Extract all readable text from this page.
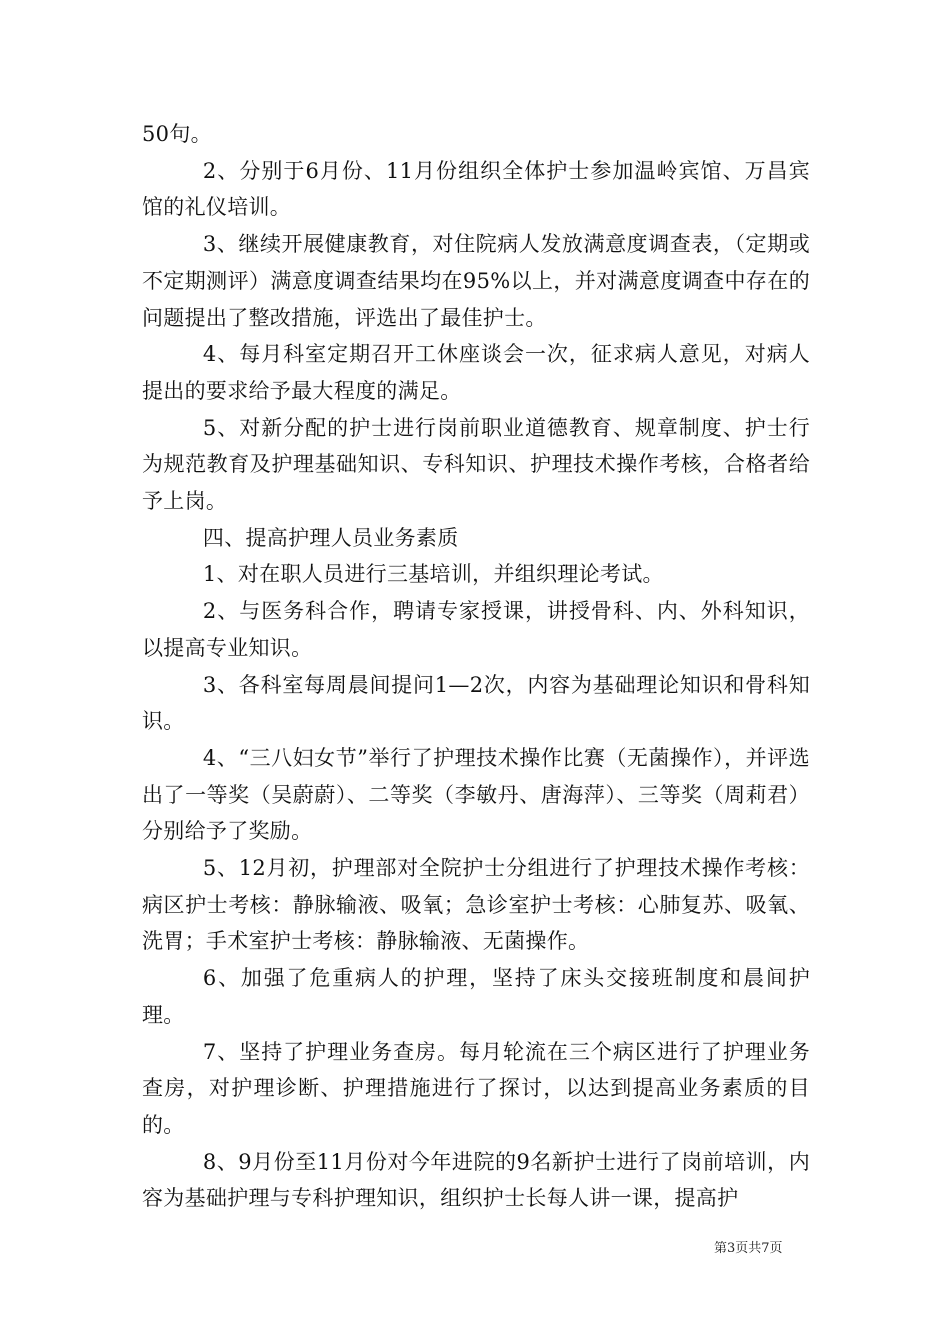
50句。

2、分别于6月份、11月份组织全体护士参加温岭宾馆、万昌宾馆的礼仪培训。

3、继续开展健康教育，对住院病人发放满意度调查表，（定期或不定期测评）满意度调查结果均在95%以上，并对满意度调查中存在的问题提出了整改措施，评选出了最佳护士。

4、每月科室定期召开工休座谈会一次，征求病人意见，对病人提出的要求给予最大程度的满足。

5、对新分配的护士进行岗前职业道德教育、规章制度、护士行为规范教育及护理基础知识、专科知识、护理技术操作考核，合格者给予上岗。

四、提高护理人员业务素质

1、对在职人员进行三基培训，并组织理论考试。

2、与医务科合作，聘请专家授课，讲授骨科、内、外科知识，以提高专业知识。

3、各科室每周晨间提问1—2次，内容为基础理论知识和骨科知识。

4、“三八妇女节”举行了护理技术操作比赛（无菌操作），并评选出了一等奖（吴蔚蔚）、二等奖（李敏丹、唐海萍）、三等奖（周莉君）分别给予了奖励。

5、12月初，护理部对全院护士分组进行了护理技术操作考核：病区护士考核：静脉输液、吸氧；急诊室护士考核：心肺复苏、吸氧、洗胃；手术室护士考核：静脉输液、无菌操作。

6、加强了危重病人的护理，坚持了床头交接班制度和晨间护理。

7、坚持了护理业务查房。每月轮流在三个病区进行了护理业务查房，对护理诊断、护理措施进行了探讨，以达到提高业务素质的目的。

8、9月份至11月份对今年进院的9名新护士进行了岗前培训，内容为基础护理与专科护理知识，组织护士长每人讲一课，提高护

第3页共7页
